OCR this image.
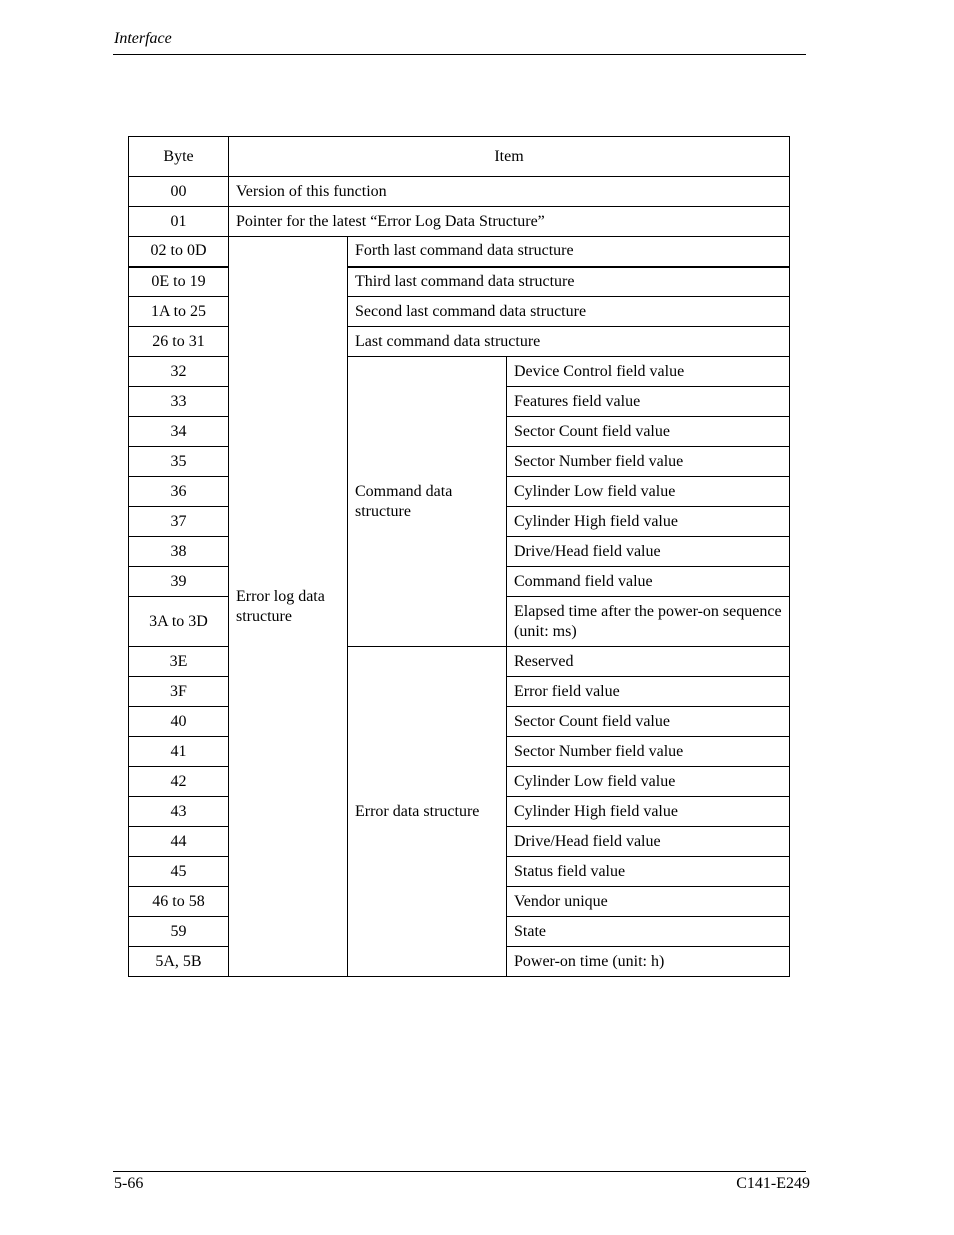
Interface
Byte	Item		
00	Version of this function		
01	Pointer for the latest “Error Log Data Structure”		
02 to 0D	Error log data structure	Forth last command data structure	
0E to 19		Third last command data structure	
1A to 25		Second last command data structure	
26 to 31		Last command data structure	
32		Command data structure	Device Control field value
33			Features field value
34			Sector Count field value
35			Sector Number field value
36			Cylinder Low field value
37			Cylinder High field value
38			Drive/Head field value
39			Command field value
3A to 3D			Elapsed time after the power-on sequence (unit: ms)
3E		Error data structure	Reserved
3F			Error field value
40			Sector Count field value
41			Sector Number field value
42			Cylinder Low field value
43			Cylinder High field value
44			Drive/Head field value
45			Status field value
46 to 58			Vendor unique
59			State
5A, 5B			Power-on time (unit: h)
5-66	C141-E249
